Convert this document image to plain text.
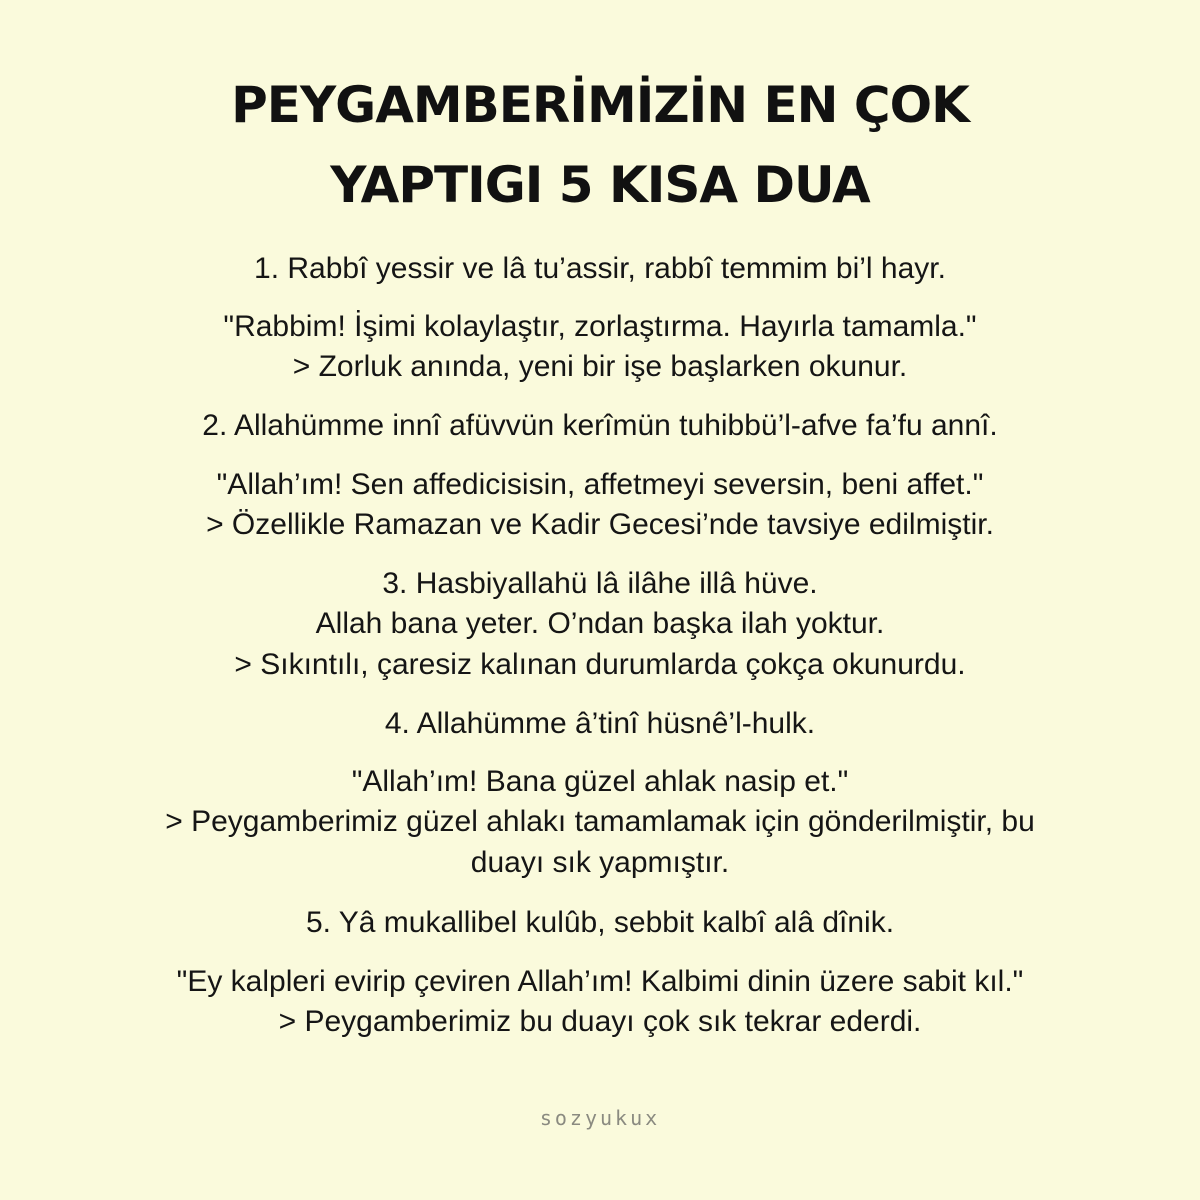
PEYGAMBERİMİZİN EN ÇOK
YAPTIGI 5 KISA DUA

1. Rabbî yessir ve lâ tu’assir, rabbî temmim bi’l hayr.

"Rabbim! İşimi kolaylaştır, zorlaştırma. Hayırla tamamla."

> Zorluk anında, yeni bir işe başlarken okunur.

2. Allahümme innî afüvvün kerîmün tuhibbü’l-afve fa’fu annî.

"Allah’ım! Sen affedicisisin, affetmeyi seversin, beni affet."

> Özellikle Ramazan ve Kadir Gecesi’nde tavsiye edilmiştir.

3. Hasbiyallahü lâ ilâhe illâ hüve.

Allah bana yeter. O’ndan başka ilah yoktur.

> Sıkıntılı, çaresiz kalınan durumlarda çokça okunurdu.

4. Allahümme â’tinî hüsnê’l-hulk.

"Allah’ım! Bana güzel ahlak nasip et."

> Peygamberimiz güzel ahlakı tamamlamak için gönderilmiştir, bu

duayı sık yapmıştır.

5. Yâ mukallibel kulûb, sebbit kalbî alâ dînik.

"Ey kalpleri evirip çeviren Allah’ım! Kalbimi dinin üzere sabit kıl."

> Peygamberimiz bu duayı çok sık tekrar ederdi.

sozyukux
